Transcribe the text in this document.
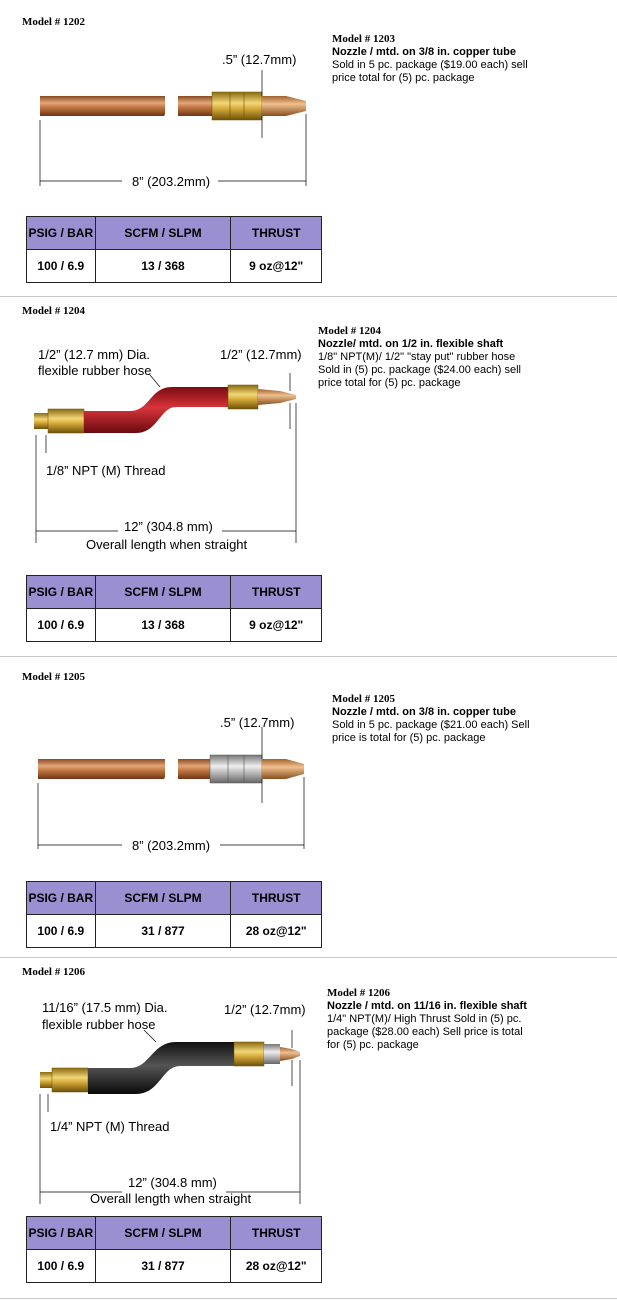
Model # 1202
.5” (12.7mm)
8” (203.2mm)
Model # 1203
Nozzle / mtd. on 3/8 in. copper tube
Sold in 5 pc. package ($19.00 each) sell price total for (5) pc. package
PSIG / BAR	SCFM / SLPM	THRUST
100 / 6.9	13 / 368	9 oz@12"
Model # 1204
1/2” (12.7 mm) Dia.
flexible rubber hose
1/2” (12.7mm)
1/8” NPT (M) Thread
12” (304.8 mm)
Overall length when straight
Model # 1204
Nozzle/ mtd. on 1/2 in. flexible shaft
1/8" NPT(M)/ 1/2" "stay put" rubber hose Sold in (5) pc. package ($24.00 each) sell price total for (5) pc. package
PSIG / BAR	SCFM / SLPM	THRUST
100 / 6.9	13 / 368	9 oz@12"
Model # 1205
.5” (12.7mm)
8” (203.2mm)
Model # 1205
Nozzle / mtd. on 3/8 in. copper tube
Sold in 5 pc. package ($21.00 each) Sell price is total for (5) pc. package
PSIG / BAR	SCFM / SLPM	THRUST
100 / 6.9	31 / 877	28 oz@12"
Model # 1206
11/16” (17.5 mm) Dia.
flexible rubber hose
1/2” (12.7mm)
1/4” NPT (M) Thread
12” (304.8 mm)
Overall length when straight
Model # 1206
Nozzle / mtd. on 11/16 in. flexible shaft
1/4" NPT(M)/ High Thrust Sold in (5) pc. package ($28.00 each) Sell price is total for (5) pc. package
PSIG / BAR	SCFM / SLPM	THRUST
100 / 6.9	31 / 877	28 oz@12"
